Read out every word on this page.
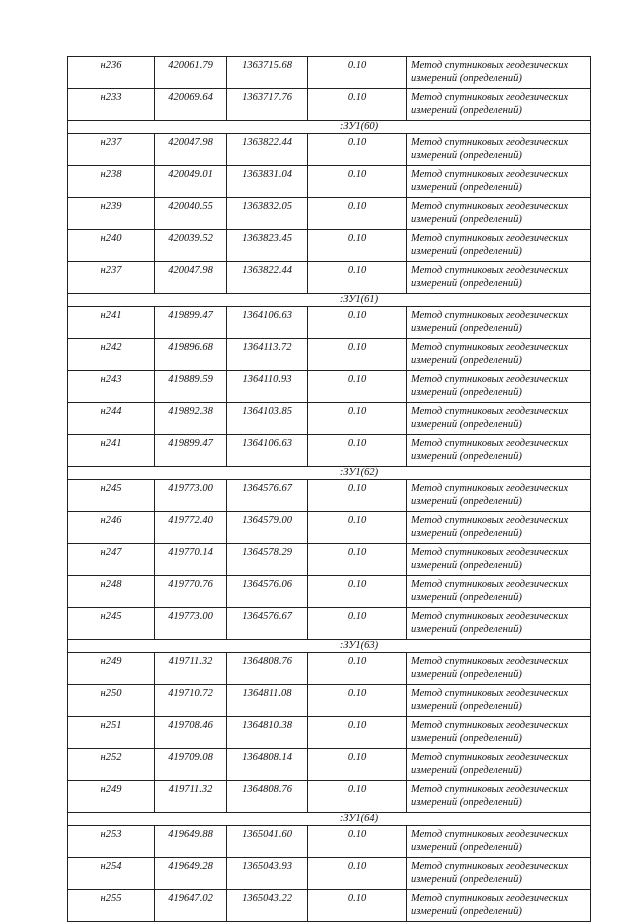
н236	420061.79	1363715.68	0.10	Метод спутниковых геодезических измерений (определений)
н233	420069.64	1363717.76	0.10	Метод спутниковых геодезических измерений (определений)
:ЗУ1(60)				
н237	420047.98	1363822.44	0.10	Метод спутниковых геодезических измерений (определений)
н238	420049.01	1363831.04	0.10	Метод спутниковых геодезических измерений (определений)
н239	420040.55	1363832.05	0.10	Метод спутниковых геодезических измерений (определений)
н240	420039.52	1363823.45	0.10	Метод спутниковых геодезических измерений (определений)
н237	420047.98	1363822.44	0.10	Метод спутниковых геодезических измерений (определений)
:ЗУ1(61)				
н241	419899.47	1364106.63	0.10	Метод спутниковых геодезических измерений (определений)
н242	419896.68	1364113.72	0.10	Метод спутниковых геодезических измерений (определений)
н243	419889.59	1364110.93	0.10	Метод спутниковых геодезических измерений (определений)
н244	419892.38	1364103.85	0.10	Метод спутниковых геодезических измерений (определений)
н241	419899.47	1364106.63	0.10	Метод спутниковых геодезических измерений (определений)
:ЗУ1(62)				
н245	419773.00	1364576.67	0.10	Метод спутниковых геодезических измерений (определений)
н246	419772.40	1364579.00	0.10	Метод спутниковых геодезических измерений (определений)
н247	419770.14	1364578.29	0.10	Метод спутниковых геодезических измерений (определений)
н248	419770.76	1364576.06	0.10	Метод спутниковых геодезических измерений (определений)
н245	419773.00	1364576.67	0.10	Метод спутниковых геодезических измерений (определений)
:ЗУ1(63)				
н249	419711.32	1364808.76	0.10	Метод спутниковых геодезических измерений (определений)
н250	419710.72	1364811.08	0.10	Метод спутниковых геодезических измерений (определений)
н251	419708.46	1364810.38	0.10	Метод спутниковых геодезических измерений (определений)
н252	419709.08	1364808.14	0.10	Метод спутниковых геодезических измерений (определений)
н249	419711.32	1364808.76	0.10	Метод спутниковых геодезических измерений (определений)
:ЗУ1(64)				
н253	419649.88	1365041.60	0.10	Метод спутниковых геодезических измерений (определений)
н254	419649.28	1365043.93	0.10	Метод спутниковых геодезических измерений (определений)
н255	419647.02	1365043.22	0.10	Метод спутниковых геодезических измерений (определений)
